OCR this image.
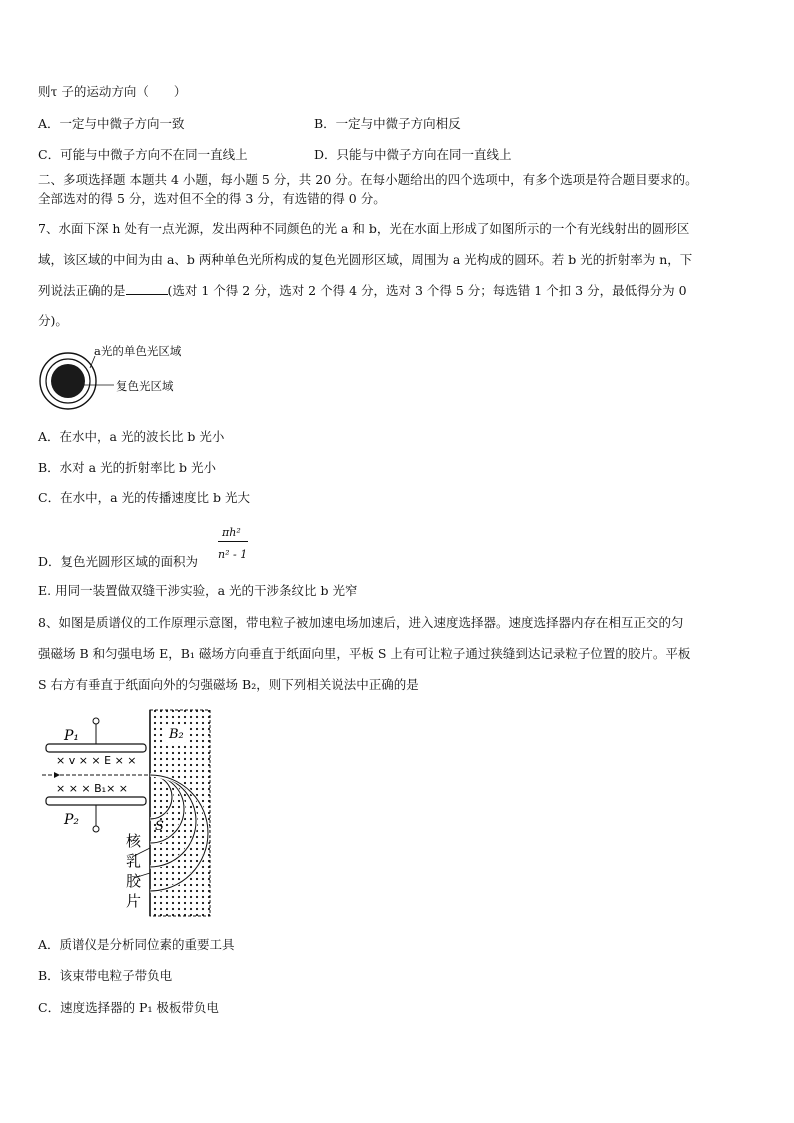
则τ 子的运动方向（　　）
A．一定与中微子方向一致	B．一定与中微子方向相反
C．可能与中微子方向不在同一直线上	D．只能与中微子方向在同一直线上
二、多项选择题 本题共 4 小题，每小题 5 分，共 20 分。在每小题给出的四个选项中，有多个选项是符合题目要求的。
全部选对的得 5 分，选对但不全的得 3 分，有选错的得 0 分。
7、水面下深 h 处有一点光源，发出两种不同颜色的光 a 和 b，光在水面上形成了如图所示的一个有光线射出的圆形区
域，该区域的中间为由 a、b 两种单色光所构成的复色光圆形区域，周围为 a 光构成的圆环。若 b 光的折射率为 n，下
列说法正确的是	(选对 1 个得 2 分，选对 2 个得 4 分，选对 3 个得 5 分；每选错 1 个扣 3 分，最低得分为 0
分)。
a光的单色光区域
复色光区域
A．在水中，a 光的波长比 b 光小
B．水对 a 光的折射率比 b 光小
C．在水中，a 光的传播速度比 b 光大
D．复色光圆形区域的面积为
πh²
n² - 1
E. 用同一装置做双缝干涉实验，a 光的干涉条纹比 b 光窄
8、如图是质谱仪的工作原理示意图，带电粒子被加速电场加速后，进入速度选择器。速度选择器内存在相互正交的匀
强磁场 B 和匀强电场 E，B₁ 磁场方向垂直于纸面向里，平板 S 上有可让粒子通过狭缝到达记录粒子位置的胶片。平板
S 右方有垂直于纸面向外的匀强磁场 B₂，则下列相关说法中正确的是
P₁
P₂
B₂
S
× v × × E × ×
× × × B₁× ×
核
乳
胶
片
A．质谱仪是分析同位素的重要工具
B．该束带电粒子带负电
C．速度选择器的 P₁ 极板带负电
